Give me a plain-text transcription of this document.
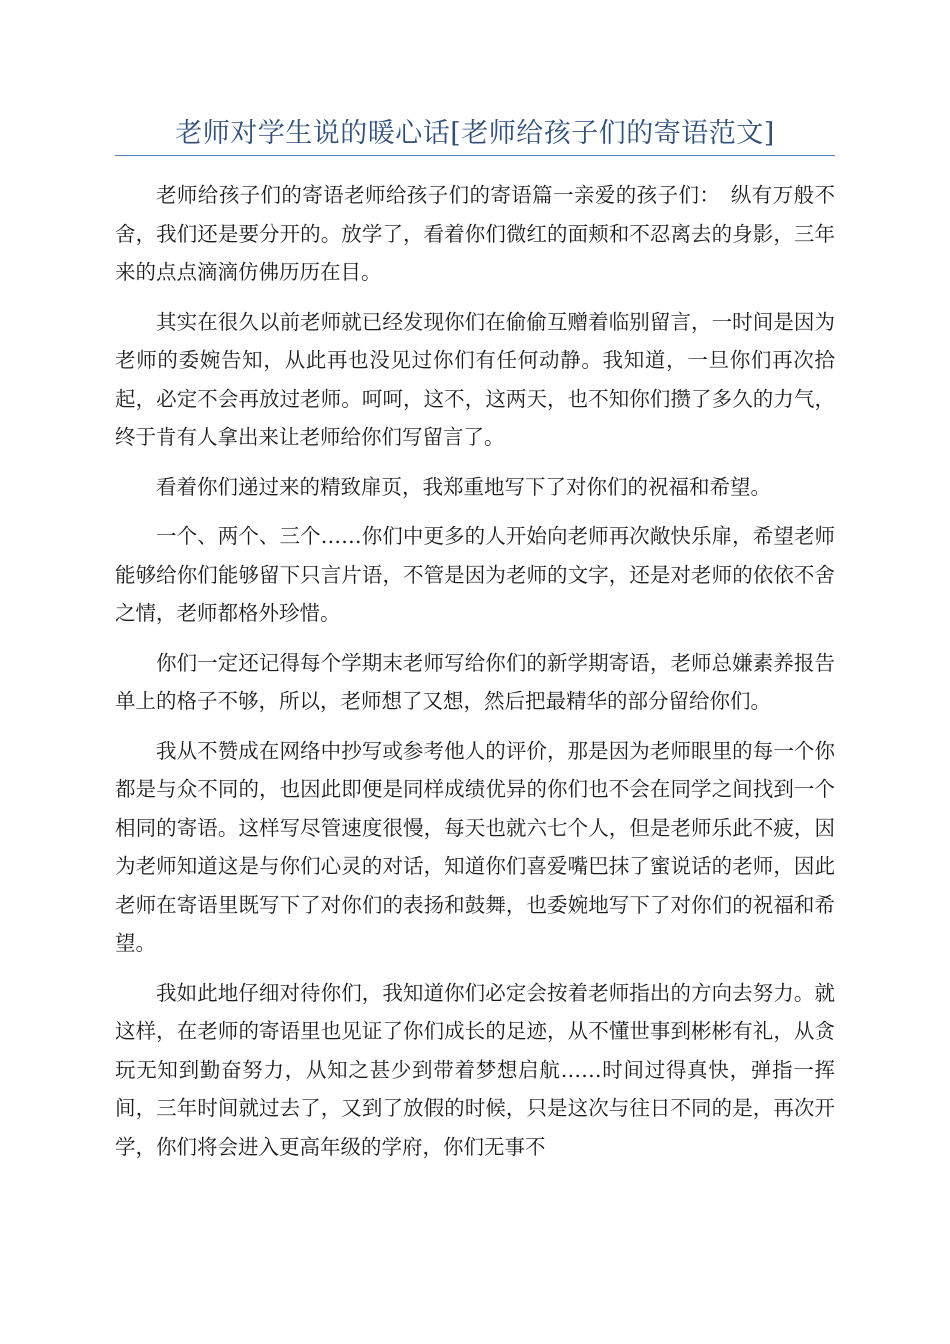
老师对学生说的暖心话[老师给孩子们的寄语范文]

老师给孩子们的寄语老师给孩子们的寄语篇一亲爱的孩子们：　纵有万般不舍，我们还是要分开的。放学了，看着你们微红的面颊和不忍离去的身影，三年来的点点滴滴仿佛历历在目。

其实在很久以前老师就已经发现你们在偷偷互赠着临别留言，一时间是因为老师的委婉告知，从此再也没见过你们有任何动静。我知道，一旦你们再次拾起，必定不会再放过老师。呵呵，这不，这两天，也不知你们攒了多久的力气，终于肯有人拿出来让老师给你们写留言了。

看着你们递过来的精致扉页，我郑重地写下了对你们的祝福和希望。

一个、两个、三个……你们中更多的人开始向老师再次敞快乐扉，希望老师能够给你们能够留下只言片语，不管是因为老师的文字，还是对老师的依依不舍之情，老师都格外珍惜。

你们一定还记得每个学期末老师写给你们的新学期寄语，老师总嫌素养报告单上的格子不够，所以，老师想了又想，然后把最精华的部分留给你们。

我从不赞成在网络中抄写或参考他人的评价，那是因为老师眼里的每一个你都是与众不同的，也因此即便是同样成绩优异的你们也不会在同学之间找到一个相同的寄语。这样写尽管速度很慢，每天也就六七个人，但是老师乐此不疲，因为老师知道这是与你们心灵的对话，知道你们喜爱嘴巴抹了蜜说话的老师，因此老师在寄语里既写下了对你们的表扬和鼓舞，也委婉地写下了对你们的祝福和希望。

我如此地仔细对待你们，我知道你们必定会按着老师指出的方向去努力。就这样，在老师的寄语里也见证了你们成长的足迹，从不懂世事到彬彬有礼，从贪玩无知到勤奋努力，从知之甚少到带着梦想启航……时间过得真快，弹指一挥间，三年时间就过去了，又到了放假的时候，只是这次与往日不同的是，再次开学，你们将会进入更高年级的学府，你们无事不
